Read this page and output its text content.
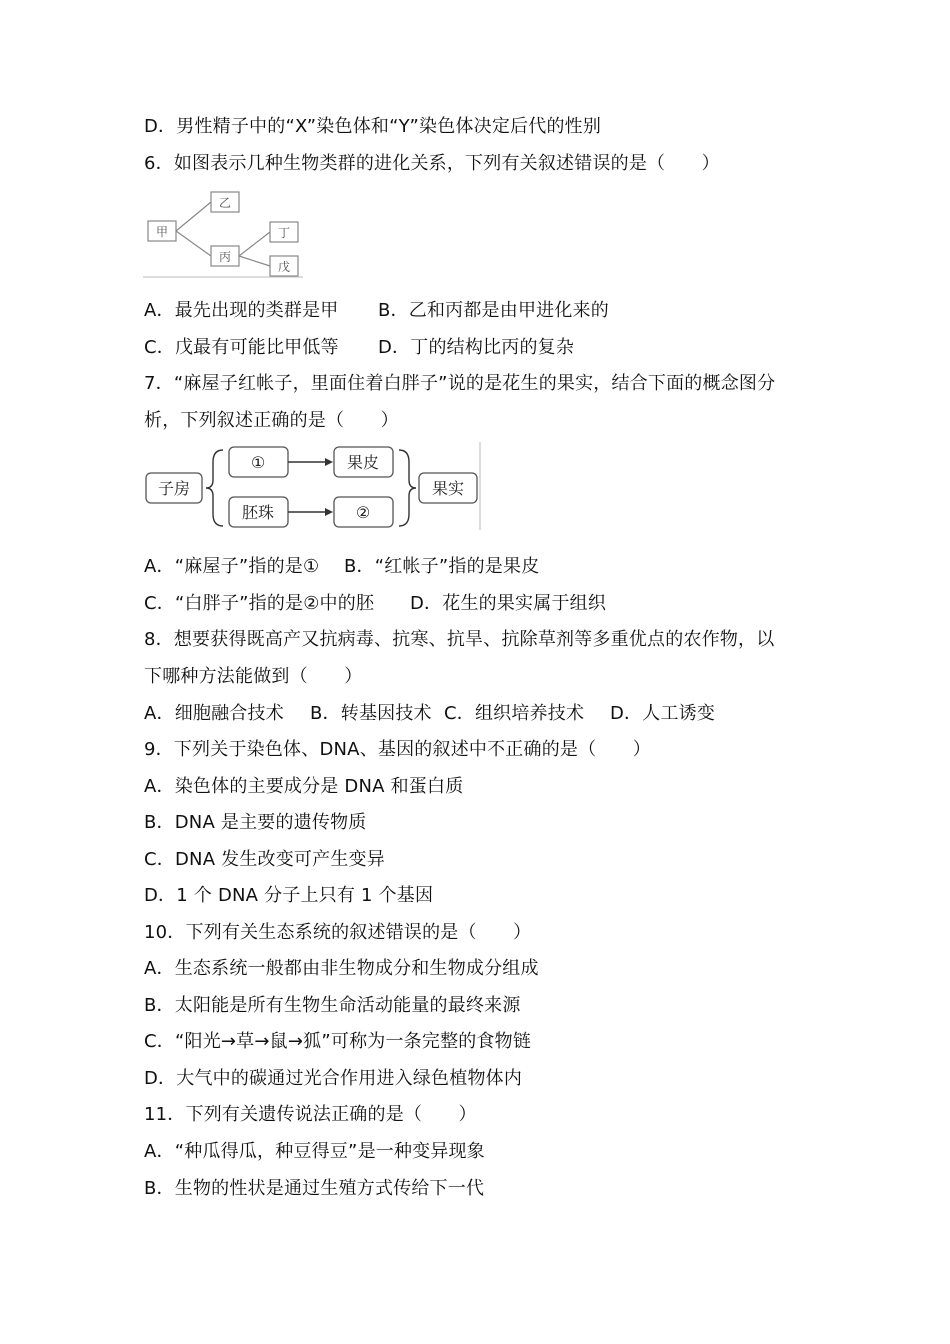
D．男性精子中的“X”染色体和“Y”染色体决定后代的性别
6．如图表示几种生物类群的进化关系，下列有关叙述错误的是（　　）
甲
乙
丙
丁
戊
A．最先出现的类群是甲 B．乙和丙都是由甲进化来的
C．戊最有可能比甲低等 D．丁的结构比丙的复杂
7．“麻屋子红帐子，里面住着白胖子”说的是花生的果实，结合下面的概念图分
析，下列叙述正确的是（　　）
子房
①	果皮
胚珠	②
果实
A．“麻屋子”指的是① B．“红帐子”指的是果皮
C．“白胖子”指的是②中的胚 D．花生的果实属于组织
8．想要获得既高产又抗病毒、抗寒、抗旱、抗除草剂等多重优点的农作物，以
下哪种方法能做到（　　）
A．细胞融合技术 B．转基因技术 C．组织培养技术 D．人工诱变
9．下列关于染色体、DNA、基因的叙述中不正确的是（　　）
A．染色体的主要成分是 DNA 和蛋白质
B．DNA 是主要的遗传物质
C．DNA 发生改变可产生变异
D．1 个 DNA 分子上只有 1 个基因
10．下列有关生态系统的叙述错误的是（　　）
A．生态系统一般都由非生物成分和生物成分组成
B．太阳能是所有生物生命活动能量的最终来源
C．“阳光→草→鼠→狐”可称为一条完整的食物链
D．大气中的碳通过光合作用进入绿色植物体内
11．下列有关遗传说法正确的是（　　）
A．“种瓜得瓜，种豆得豆”是一种变异现象
B．生物的性状是通过生殖方式传给下一代
